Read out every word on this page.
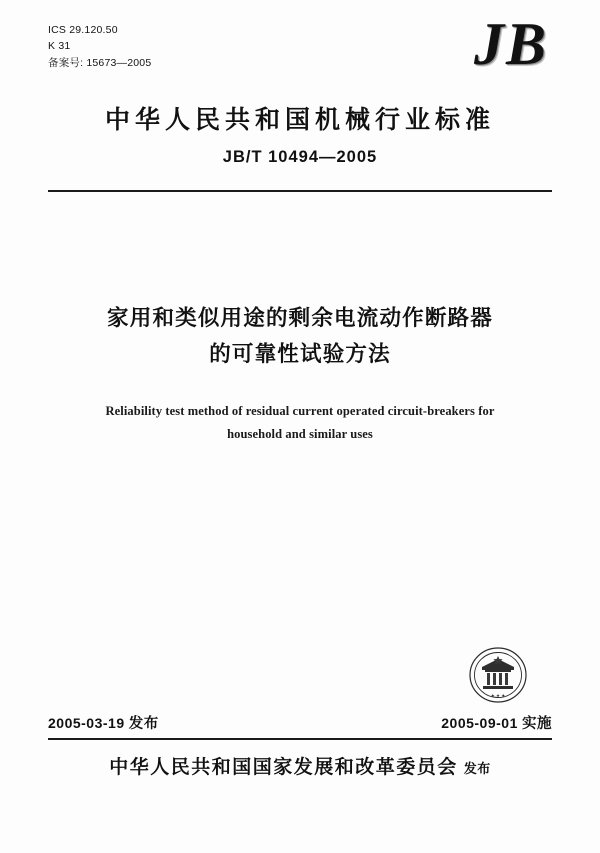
ICS 29.120.50
K 31
备案号: 15673—2005	JB
中华人民共和国机械行业标准
JB/T 10494—2005
家用和类似用途的剩余电流动作断路器
的可靠性试验方法
Reliability test method of residual current operated circuit-breakers for
household and similar uses
★ ★ ★
2005-03-19 发布	2005-09-01 实施
中华人民共和国国家发展和改革委员会 发布
